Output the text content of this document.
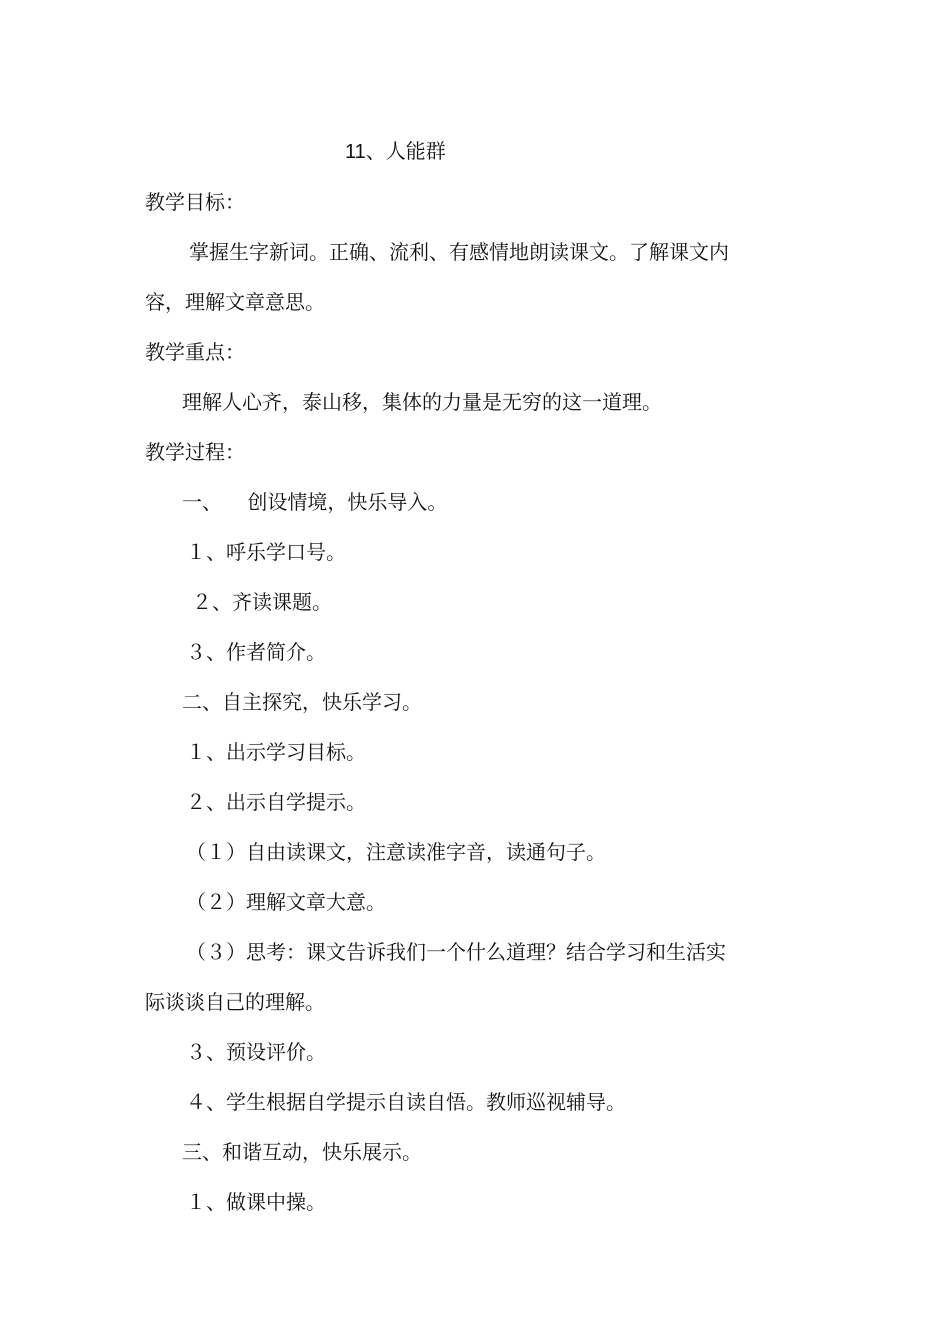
11、人能群
教学目标：
掌握生字新词。正确、流利、有感情地朗读课文。了解课文内
容，理解文章意思。
教学重点：
理解人心齐，泰山移，集体的力量是无穷的这一道理。
教学过程：
一、    创设情境，快乐导入。
１、呼乐学口号。
２、齐读课题。
３、作者简介。
二、自主探究，快乐学习。
１、出示学习目标。
２、出示自学提示。
（１）自由读课文，注意读准字音，读通句子。
（２）理解文章大意。
（３）思考：课文告诉我们一个什么道理？结合学习和生活实
际谈谈自己的理解。
３、预设评价。
４、学生根据自学提示自读自悟。教师巡视辅导。
三、和谐互动，快乐展示。
１、做课中操。
